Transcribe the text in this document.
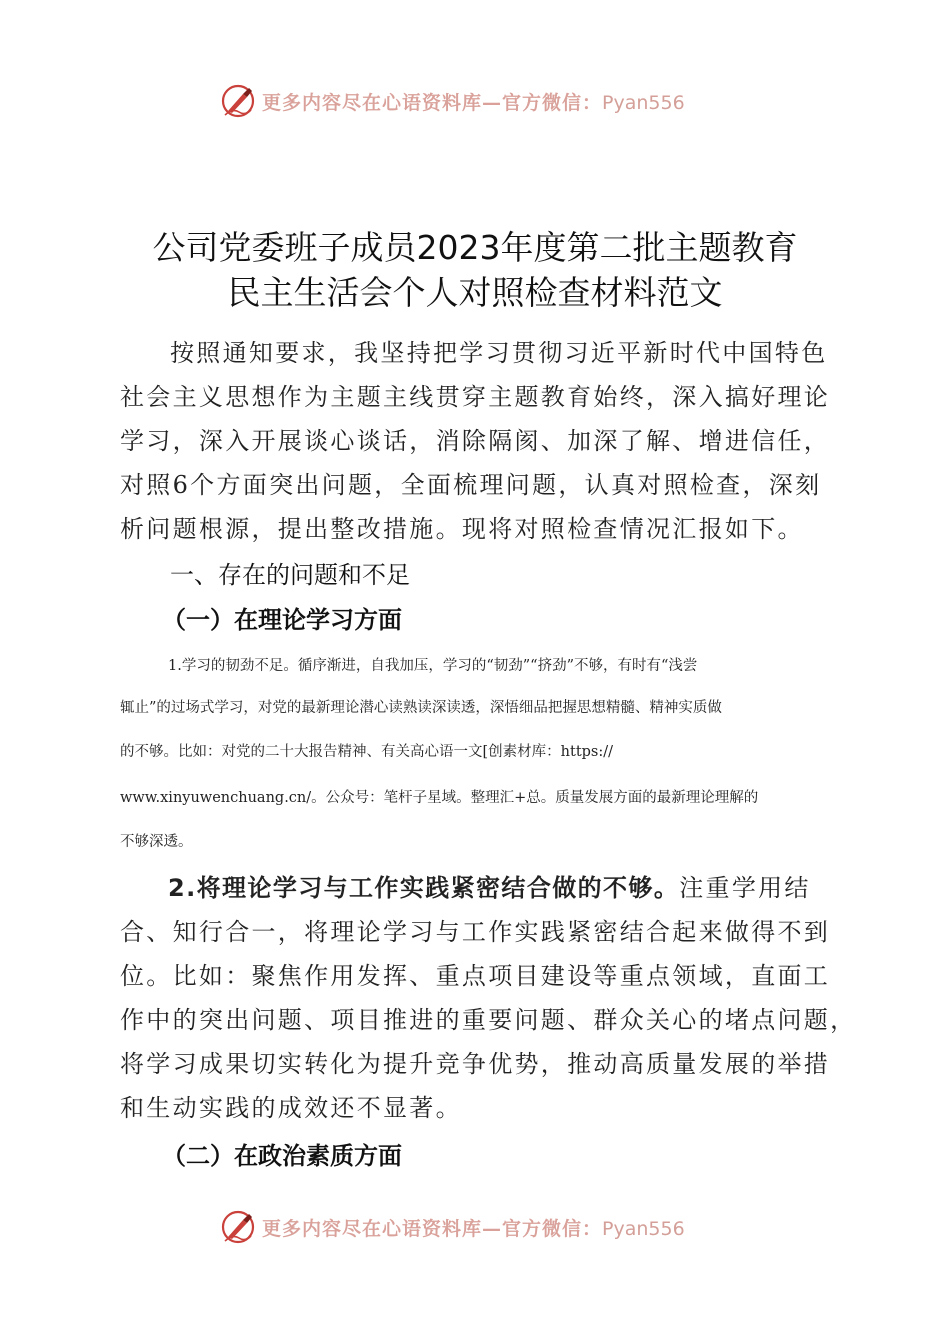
更多内容尽在心语资料库—官方微信：Pyan556
公司党委班子成员2023年度第二批主题教育
民主生活会个人对照检查材料范文
按照通知要求，我坚持把学习贯彻习近平新时代中国特色
社会主义思想作为主题主线贯穿主题教育始终，深入搞好理论
学习，深入开展谈心谈话，消除隔阂、加深了解、增进信任，
对照6个方面突出问题，全面梳理问题，认真对照检查，深刻
析问题根源，提出整改措施。现将对照检查情况汇报如下。
一、存在的问题和不足
（一）在理论学习方面
1.学习的韧劲不足。循序渐进，自我加压，学习的“韧劲”“挤劲”不够，有时有“浅尝
辄止”的过场式学习，对党的最新理论潜心读熟读深读透，深悟细品把握思想精髓、精神实质做
的不够。比如：对党的二十大报告精神、有关高心语一文[创素材库：https://
www.xinyuwenchuang.cn/。公众号：笔杆子星域。整理汇+总。质量发展方面的最新理论理解的
不够深透。
2.将理论学习与工作实践紧密结合做的不够。注重学用结
合、知行合一，将理论学习与工作实践紧密结合起来做得不到
位。比如：聚焦作用发挥、重点项目建设等重点领域，直面工
作中的突出问题、项目推进的重要问题、群众关心的堵点问题，
将学习成果切实转化为提升竞争优势，推动高质量发展的举措
和生动实践的成效还不显著。
（二）在政治素质方面
更多内容尽在心语资料库—官方微信：Pyan556
